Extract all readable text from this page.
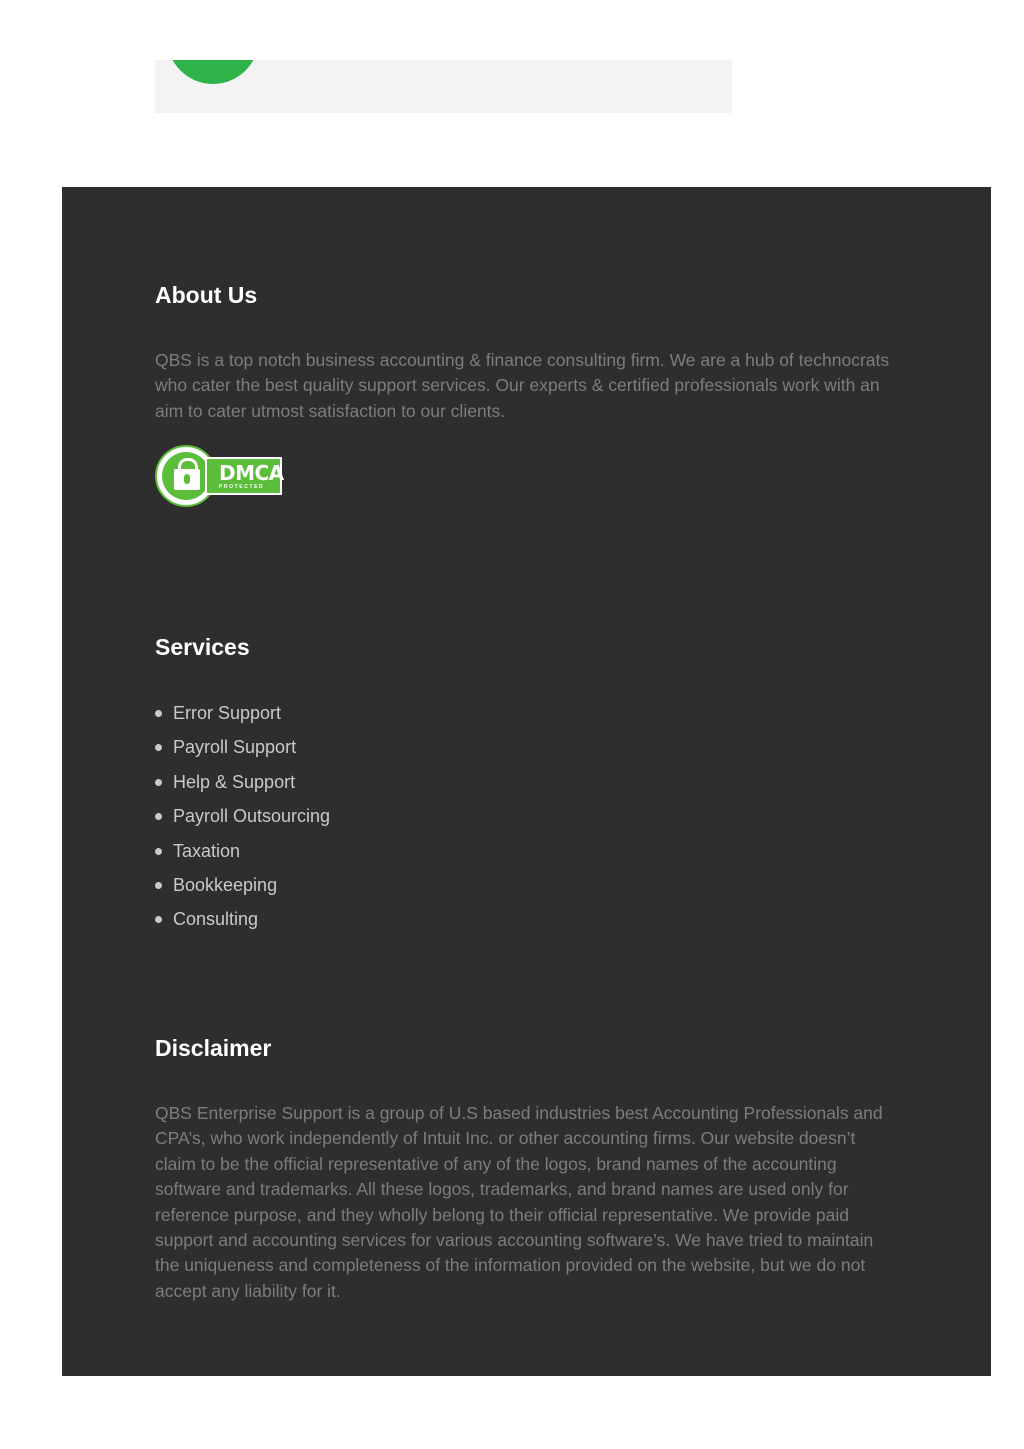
About Us

QBS is a top notch business accounting & finance consulting firm. We are a hub of technocrats who cater the best quality support services. Our experts & certified professionals work with an aim to cater utmost satisfaction to our clients.

DMCA
PROTECTED
Services
Error Support
Payroll Support
Help & Support
Payroll Outsourcing
Taxation
Bookkeeping
Consulting
Disclaimer

QBS Enterprise Support is a group of U.S based industries best Accounting Professionals and CPA’s, who work independently of Intuit Inc. or other accounting firms. Our website doesn’t claim to be the official representative of any of the logos, brand names of the accounting software and trademarks. All these logos, trademarks, and brand names are used only for reference purpose, and they wholly belong to their official representative. We provide paid support and accounting services for various accounting software’s. We have tried to maintain the uniqueness and completeness of the information provided on the website, but we do not accept any liability for it.
